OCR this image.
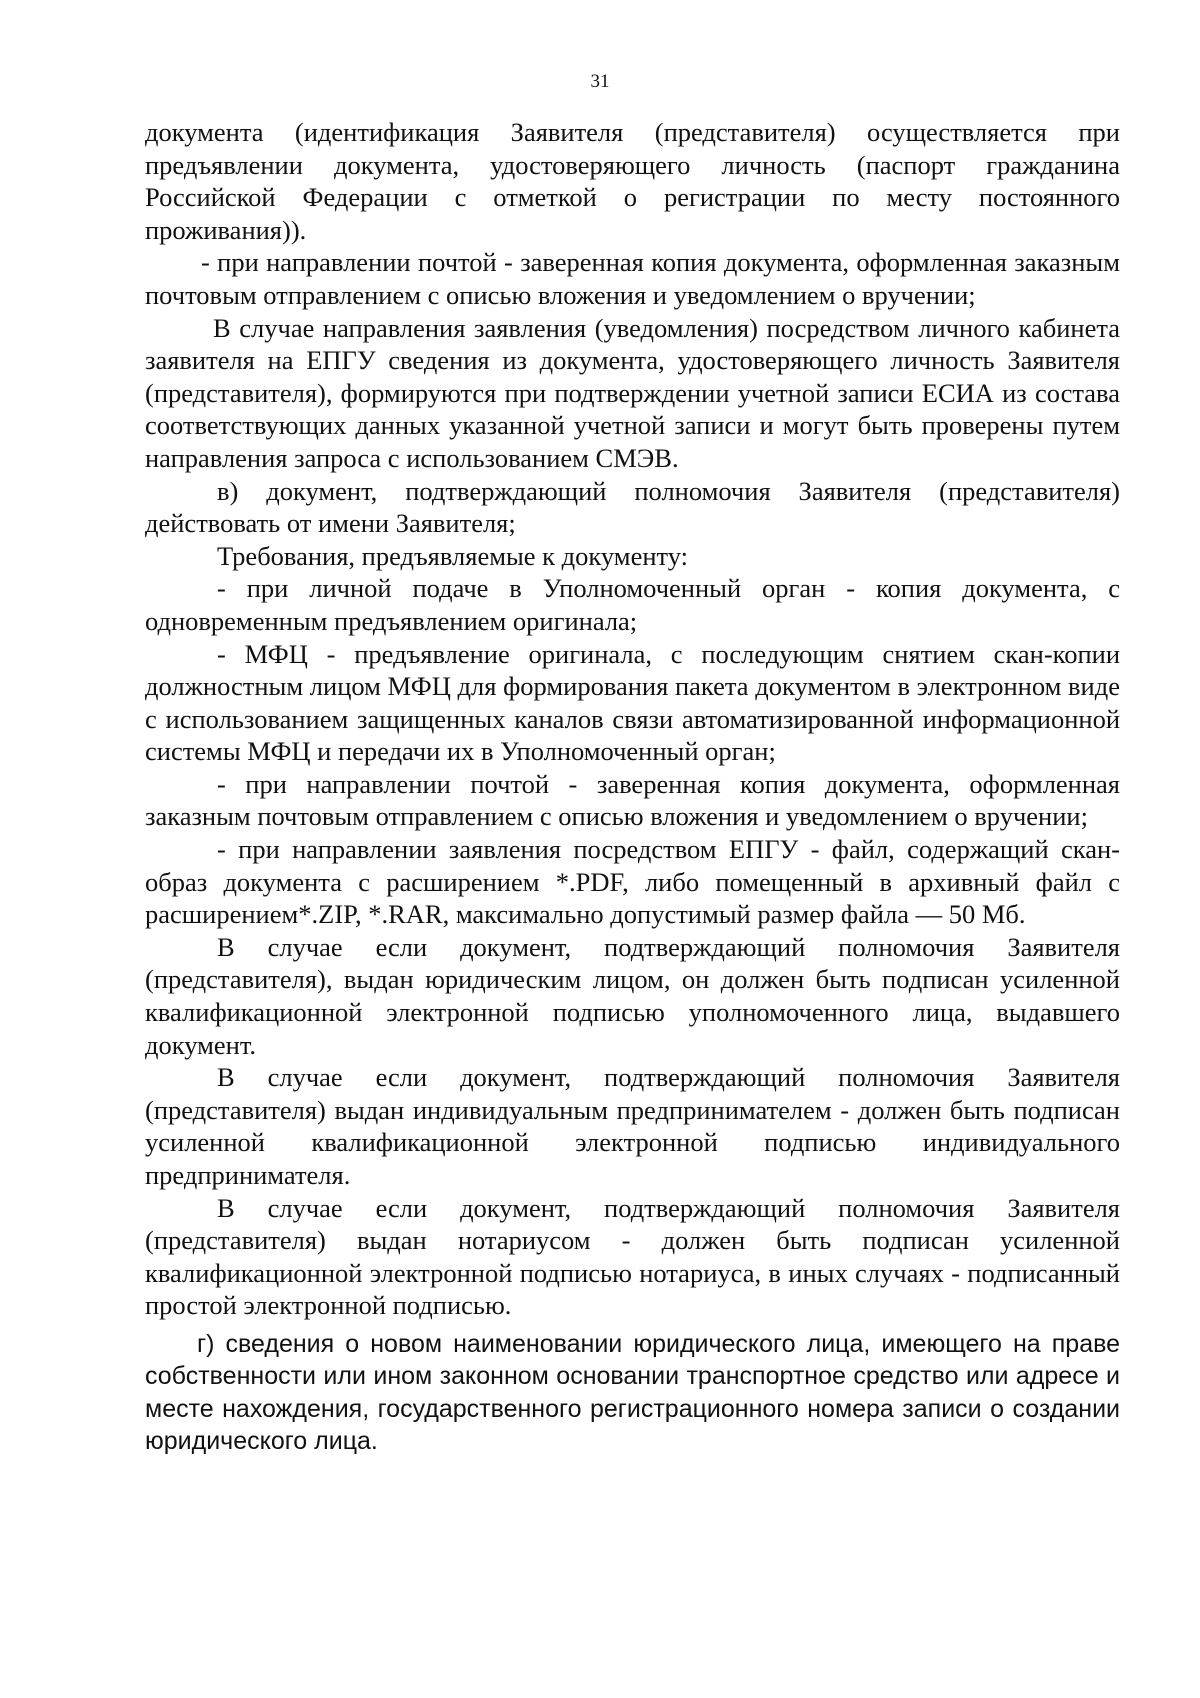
31

документа (идентификация Заявителя (представителя) осуществляется при предъявлении документа, удостоверяющего личность (паспорт гражданина Российской Федерации с отметкой о регистрации по месту постоянного проживания)).

- при направлении почтой - заверенная копия документа, оформленная заказным почтовым отправлением с описью вложения и уведомлением о вручении;

В случае направления заявления (уведомления) посредством личного кабинета заявителя на ЕПГУ сведения из документа, удостоверяющего личность Заявителя (представителя), формируются при подтверждении учетной записи ЕСИА из состава соответствующих данных указанной учетной записи и могут быть проверены путем направления запроса с использованием СМЭВ.

в) документ, подтверждающий полномочия Заявителя (представителя) действовать от имени Заявителя;

Требования, предъявляемые к документу:

- при личной подаче в Уполномоченный орган - копия документа, с одновременным предъявлением оригинала;

- МФЦ - предъявление оригинала, с последующим снятием скан-копии должностным лицом МФЦ для формирования пакета документом в электронном виде с использованием защищенных каналов связи автоматизированной информационной системы МФЦ и передачи их в Уполномоченный орган;

- при направлении почтой - заверенная копия документа, оформленная заказным почтовым отправлением с описью вложения и уведомлением о вручении;

- при направлении заявления посредством ЕПГУ - файл, содержащий скан-образ документа с расширением *.PDF, либо помещенный в архивный файл с расширением*.ZIP, *.RAR, максимально допустимый размер файла — 50 Мб.

В случае если документ, подтверждающий полномочия Заявителя (представителя), выдан юридическим лицом, он должен быть подписан усиленной квалификационной электронной подписью уполномоченного лица, выдавшего документ.

В случае если документ, подтверждающий полномочия Заявителя (представителя) выдан индивидуальным предпринимателем - должен быть подписан усиленной квалификационной электронной подписью индивидуального предпринимателя.

В случае если документ, подтверждающий полномочия Заявителя (представителя) выдан нотариусом - должен быть подписан усиленной квалификационной электронной подписью нотариуса, в иных случаях - подписанный простой электронной подписью.

г) сведения о новом наименовании юридического лица, имеющего на праве собственности или ином законном основании транспортное средство или адресе и месте нахождения, государственного регистрационного номера записи о создании юридического лица.
